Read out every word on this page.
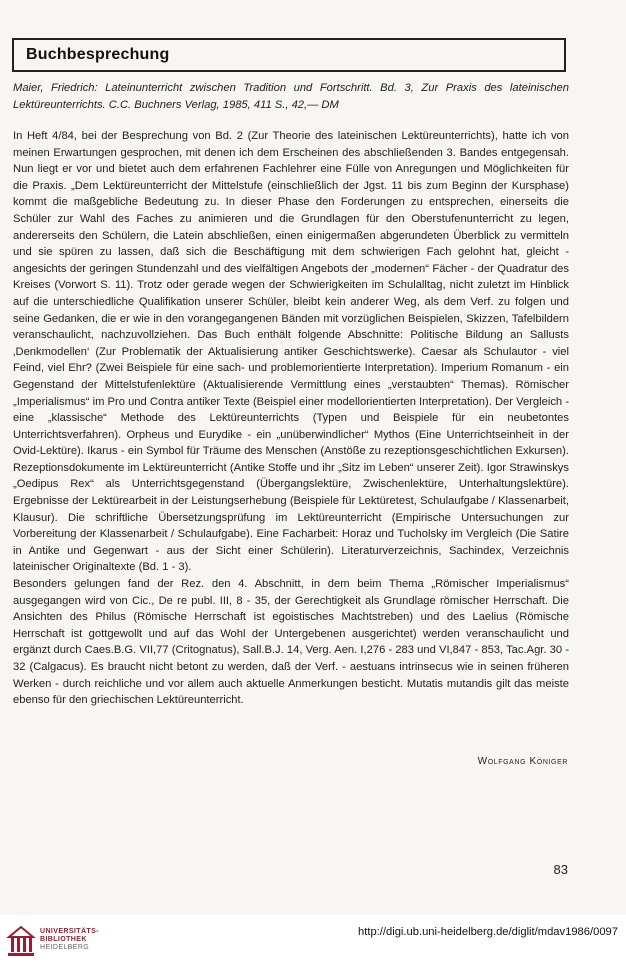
Buchbesprechung
Maier, Friedrich: Lateinunterricht zwischen Tradition und Fortschritt. Bd. 3, Zur Praxis des lateinischen Lektüreunterrichts. C.C. Buchners Verlag, 1985, 411 S., 42,— DM

In Heft 4/84, bei der Besprechung von Bd. 2 (Zur Theorie des lateinischen Lektüreunterrichts), hatte ich von meinen Erwartungen gesprochen, mit denen ich dem Erscheinen des abschließenden 3. Bandes entgegensah. Nun liegt er vor und bietet auch dem erfahrenen Fachlehrer eine Fülle von Anregungen und Möglichkeiten für die Praxis. „Dem Lektüreunterricht der Mittelstufe (einschließlich der Jgst. 11 bis zum Beginn der Kursphase) kommt die maßgebliche Bedeutung zu. In dieser Phase den Forderungen zu entsprechen, einerseits die Schüler zur Wahl des Faches zu animieren und die Grundlagen für den Oberstufenunterricht zu legen, andererseits den Schülern, die Latein abschließen, einen einigermaßen abgerundeten Überblick zu vermitteln und sie spüren zu lassen, daß sich die Beschäftigung mit dem schwierigen Fach gelohnt hat, gleicht - angesichts der geringen Stundenzahl und des vielfältigen Angebots der „modernen“ Fächer - der Quadratur des Kreises (Vorwort S. 11). Trotz oder gerade wegen der Schwierigkeiten im Schulalltag, nicht zuletzt im Hinblick auf die unterschiedliche Qualifikation unserer Schüler, bleibt kein anderer Weg, als dem Verf. zu folgen und seine Gedanken, die er wie in den vorangegangenen Bänden mit vorzüglichen Beispielen, Skizzen, Tafelbildern veranschaulicht, nachzuvollziehen. Das Buch enthält folgende Abschnitte: Politische Bildung an Sallusts ‚Denkmodellen‘ (Zur Problematik der Aktualisierung antiker Geschichtswerke). Caesar als Schulautor - viel Feind, viel Ehr? (Zwei Beispiele für eine sach- und problemorientierte Interpretation). Imperium Romanum - ein Gegenstand der Mittelstufenlektüre (Aktualisierende Vermittlung eines „verstaubten“ Themas). Römischer „Imperialismus“ im Pro und Contra antiker Texte (Beispiel einer modellorientierten Interpretation). Der Vergleich - eine „klassische“ Methode des Lektüreunterrichts (Typen und Beispiele für ein neubetontes Unterrichtsverfahren). Orpheus und Eurydike - ein „unüberwindlicher“ Mythos (Eine Unterrichtseinheit in der Ovid-Lektüre). Ikarus - ein Symbol für Träume des Menschen (Anstöße zu rezeptionsgeschichtlichen Exkursen). Rezeptionsdokumente im Lektüreunterricht (Antike Stoffe und ihr „Sitz im Leben“ unserer Zeit). Igor Strawinskys „Oedipus Rex“ als Unterrichtsgegenstand (Übergangslektüre, Zwischenlektüre, Unterhaltungslektüre). Ergebnisse der Lektürearbeit in der Leistungserhebung (Beispiele für Lektüretest, Schulaufgabe / Klassenarbeit, Klausur). Die schriftliche Übersetzungsprüfung im Lektüreunterricht (Empirische Untersuchungen zur Vorbereitung der Klassenarbeit / Schulaufgabe). Eine Facharbeit: Horaz und Tucholsky im Vergleich (Die Satire in Antike und Gegenwart - aus der Sicht einer Schülerin). Literaturverzeichnis, Sachindex, Verzeichnis lateinischer Originaltexte (Bd. 1 - 3).

Besonders gelungen fand der Rez. den 4. Abschnitt, in dem beim Thema „Römischer Imperialismus“ ausgegangen wird von Cic., De re publ. III, 8 - 35, der Gerechtigkeit als Grundlage römischer Herrschaft. Die Ansichten des Philus (Römische Herrschaft ist egoistisches Machtstreben) und des Laelius (Römische Herrschaft ist gottgewollt und auf das Wohl der Untergebenen ausgerichtet) werden veranschaulicht und ergänzt durch Caes.B.G. VII,77 (Critognatus), Sall.B.J. 14, Verg. Aen. I,276 - 283 und VI,847 - 853, Tac.Agr. 30 - 32 (Calgacus). Es braucht nicht betont zu werden, daß der Verf. - aestuans intrinsecus wie in seinen früheren Werken - durch reichliche und vor allem auch aktuelle Anmerkungen besticht. Mutatis mutandis gilt das meiste ebenso für den griechischen Lektüreunterricht.

Wolfgang Königer
83
UNIVERSITÄTS-
BIBLIOTHEK
HEIDELBERG
http://digi.ub.uni-heidelberg.de/diglit/mdav1986/0097
